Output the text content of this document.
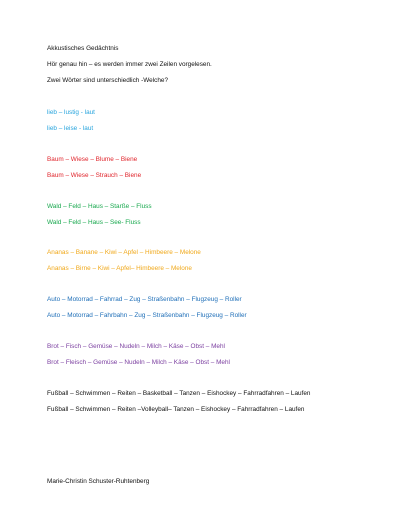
Akkustisches Gedächtnis
Hör genau hin – es werden immer zwei Zeilen vorgelesen.
Zwei Wörter sind unterschiedlich -Welche?
lieb – lustig - laut
lieb – leise - laut
Baum – Wiese – Blume – Biene
Baum – Wiese – Strauch – Biene
Wald – Feld – Haus – Starße – Fluss
Wald – Feld – Haus – See- Fluss
Ananas – Banane – Kiwi – Apfel – Himbeere – Melone
Ananas – Birne – Kiwi – Apfel– Himbeere – Melone
Auto – Motorrad – Fahrrad – Zug – Straßenbahn – Flugzeug – Roller
Auto – Motorrad – Fahrbahn – Zug – Straßenbahn – Flugzeug – Roller
Brot – Fisch – Gemüse – Nudeln – Milch – Käse – Obst – Mehl
Brot – Fleisch – Gemüse – Nudeln – Milch – Käse – Obst – Mehl
Fußball – Schwimmen – Reiten – Basketball – Tanzen – Eishockey – Fahrradfahren – Laufen
Fußball – Schwimmen – Reiten –Volleyball– Tanzen – Eishockey – Fahrradfahren – Laufen
Marie-Christin Schuster-Ruhtenberg
